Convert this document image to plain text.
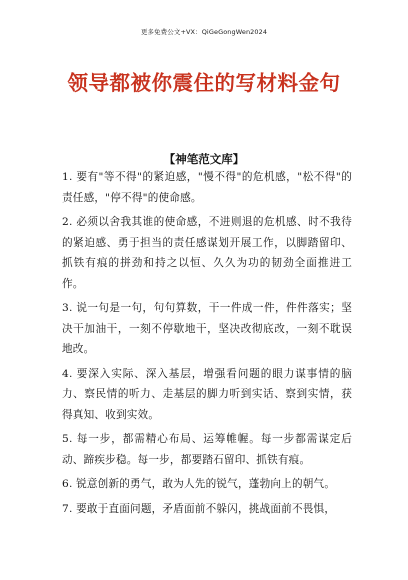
更多免费公文+VX：QiGeGongWen2024
领导都被你震住的写材料金句
【神笔范文库】
1. 要有"等不得"的紧迫感，"慢不得"的危机感，"松不得"的责任感，"停不得"的使命感。
2. 必须以舍我其谁的使命感，不进则退的危机感、时不我待的紧迫感、勇于担当的责任感谋划开展工作，以脚踏留印、抓铁有痕的拼劲和持之以恒、久久为功的韧劲全面推进工作。
3. 说一句是一句，句句算数，干一件成一件，件件落实；坚决干加油干，一刻不停歇地干，坚决改彻底改，一刻不耽误地改。
4. 要深入实际、深入基层，增强看问题的眼力谋事情的脑力、察民情的听力、走基层的脚力听到实话、察到实情，获得真知、收到实效。
5. 每一步，都需精心布局、运筹帷幄。每一步都需谋定后动、蹄疾步稳。每一步，都要踏石留印、抓铁有痕。
6. 锐意创新的勇气，敢为人先的锐气，蓬勃向上的朝气。
7. 要敢于直面问题，矛盾面前不躲闪，挑战面前不畏惧，
